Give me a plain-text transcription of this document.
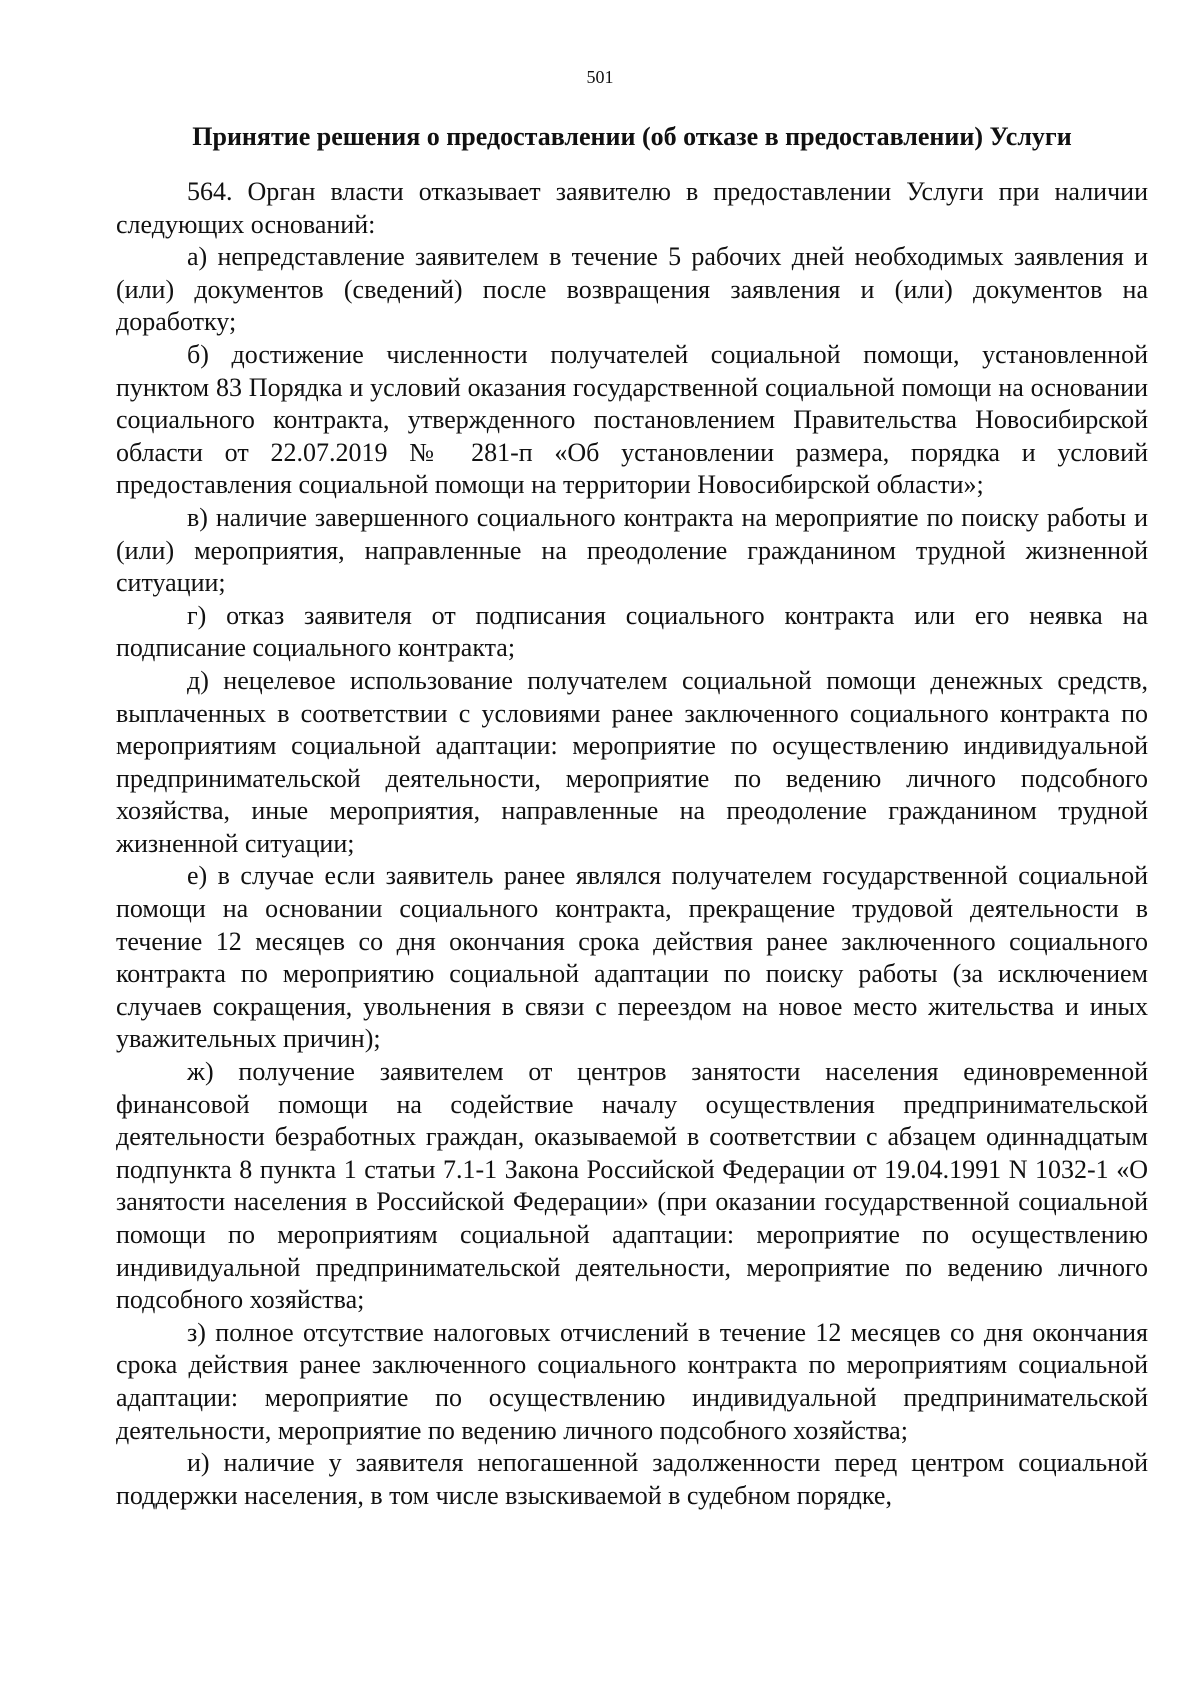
501
Принятие решения о предоставлении (об отказе в предоставлении) Услуги

564. Орган власти отказывает заявителю в предоставлении Услуги при наличии следующих оснований:

а) непредставление заявителем в течение 5 рабочих дней необходимых заявления и (или) документов (сведений) после возвращения заявления и (или) документов на доработку;

б) достижение численности получателей социальной помощи, установленной пунктом 83 Порядка и условий оказания государственной социальной помощи на основании социального контракта, утвержденного постановлением Правительства Новосибирской области от 22.07.2019 № 281-п «Об установлении размера, порядка и условий предоставления социальной помощи на территории Новосибирской области»;

в) наличие завершенного социального контракта на мероприятие по поиску работы и (или) мероприятия, направленные на преодоление гражданином трудной жизненной ситуации;

г) отказ заявителя от подписания социального контракта или его неявка на подписание социального контракта;

д) нецелевое использование получателем социальной помощи денежных средств, выплаченных в соответствии с условиями ранее заключенного социального контракта по мероприятиям социальной адаптации: мероприятие по осуществлению индивидуальной предпринимательской деятельности, мероприятие по ведению личного подсобного хозяйства, иные мероприятия, направленные на преодоление гражданином трудной жизненной ситуации;

е) в случае если заявитель ранее являлся получателем государственной социальной помощи на основании социального контракта, прекращение трудовой деятельности в течение 12 месяцев со дня окончания срока действия ранее заключенного социального контракта по мероприятию социальной адаптации по поиску работы (за исключением случаев сокращения, увольнения в связи с переездом на новое место жительства и иных уважительных причин);

ж) получение заявителем от центров занятости населения единовременной финансовой помощи на содействие началу осуществления предпринимательской деятельности безработных граждан, оказываемой в соответствии с абзацем одиннадцатым подпункта 8 пункта 1 статьи 7.1-1 Закона Российской Федерации от 19.04.1991 N 1032-1 «О занятости населения в Российской Федерации» (при оказании государственной социальной помощи по мероприятиям социальной адаптации: мероприятие по осуществлению индивидуальной предпринимательской деятельности, мероприятие по ведению личного подсобного хозяйства;

з) полное отсутствие налоговых отчислений в течение 12 месяцев со дня окончания срока действия ранее заключенного социального контракта по мероприятиям социальной адаптации: мероприятие по осуществлению индивидуальной предпринимательской деятельности, мероприятие по ведению личного подсобного хозяйства;

и) наличие у заявителя непогашенной задолженности перед центром социальной поддержки населения, в том числе взыскиваемой в судебном порядке,
